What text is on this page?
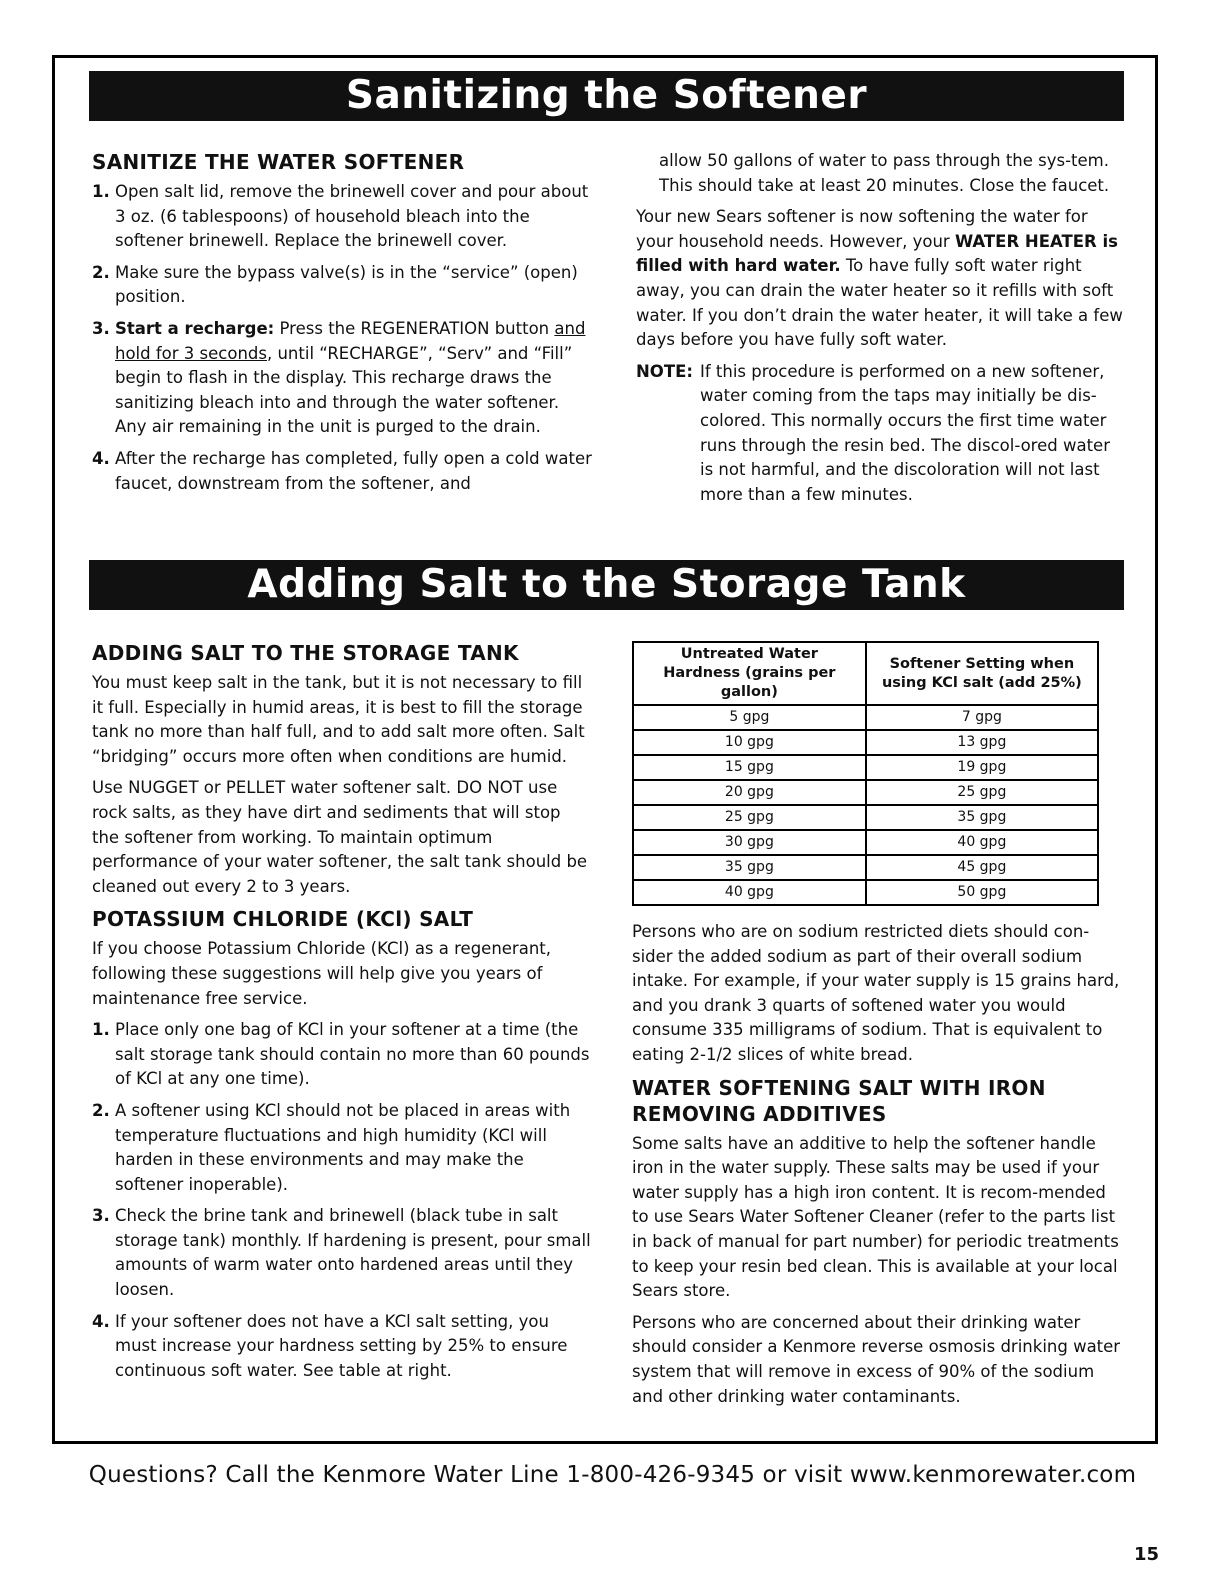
Sanitizing the Softener
SANITIZE THE WATER SOFTENER
1. Open salt lid, remove the brinewell cover and pour about 3 oz. (6 tablespoons) of household bleach into the softener brinewell. Replace the brinewell cover.
2. Make sure the bypass valve(s) is in the “service” (open) position.
3. Start a recharge: Press the REGENERATION button and hold for 3 seconds, until “RECHARGE”, “Serv” and “Fill” begin to flash in the display. This recharge draws the sanitizing bleach into and through the water softener. Any air remaining in the unit is purged to the drain.
4. After the recharge has completed, fully open a cold water faucet, downstream from the softener, and

allow 50 gallons of water to pass through the sys-tem. This should take at least 20 minutes. Close the faucet.

Your new Sears softener is now softening the water for your household needs. However, your WATER HEATER is filled with hard water. To have fully soft water right away, you can drain the water heater so it refills with soft water. If you don’t drain the water heater, it will take a few days before you have fully soft water.

NOTE: If this procedure is performed on a new softener, water coming from the taps may initially be dis-colored. This normally occurs the first time water runs through the resin bed. The discol-ored water is not harmful, and the discoloration will not last more than a few minutes.
Adding Salt to the Storage Tank
ADDING SALT TO THE STORAGE TANK

You must keep salt in the tank, but it is not necessary to fill it full. Especially in humid areas, it is best to fill the storage tank no more than half full, and to add salt more often. Salt “bridging” occurs more often when conditions are humid.

Use NUGGET or PELLET water softener salt. DO NOT use rock salts, as they have dirt and sediments that will stop the softener from working. To maintain optimum performance of your water softener, the salt tank should be cleaned out every 2 to 3 years.

POTASSIUM CHLORIDE (KCl) SALT

If you choose Potassium Chloride (KCl) as a regenerant, following these suggestions will help give you years of maintenance free service.

1. Place only one bag of KCl in your softener at a time (the salt storage tank should contain no more than 60 pounds of KCl at any one time).
2. A softener using KCl should not be placed in areas with temperature fluctuations and high humidity (KCl will harden in these environments and may make the softener inoperable).
3. Check the brine tank and brinewell (black tube in salt storage tank) monthly. If hardening is present, pour small amounts of warm water onto hardened areas until they loosen.
4. If your softener does not have a KCl salt setting, you must increase your hardness setting by 25% to ensure continuous soft water. See table at right.
Untreated Water Hardness (grains per gallon)	Softener Setting when using KCl salt (add 25%)
5 gpg	7 gpg
10 gpg	13 gpg
15 gpg	19 gpg
20 gpg	25 gpg
25 gpg	35 gpg
30 gpg	40 gpg
35 gpg	45 gpg
40 gpg	50 gpg

Persons who are on sodium restricted diets should con-sider the added sodium as part of their overall sodium intake. For example, if your water supply is 15 grains hard, and you drank 3 quarts of softened water you would consume 335 milligrams of sodium. That is equivalent to eating 2-1/2 slices of white bread.

WATER SOFTENING SALT WITH IRON REMOVING ADDITIVES

Some salts have an additive to help the softener handle iron in the water supply. These salts may be used if your water supply has a high iron content. It is recom-mended to use Sears Water Softener Cleaner (refer to the parts list in back of manual for part number) for periodic treatments to keep your resin bed clean. This is available at your local Sears store.

Persons who are concerned about their drinking water should consider a Kenmore reverse osmosis drinking water system that will remove in excess of 90% of the sodium and other drinking water contaminants.

Questions? Call the Kenmore Water Line 1-800-426-9345 or visit www.kenmorewater.com
15
